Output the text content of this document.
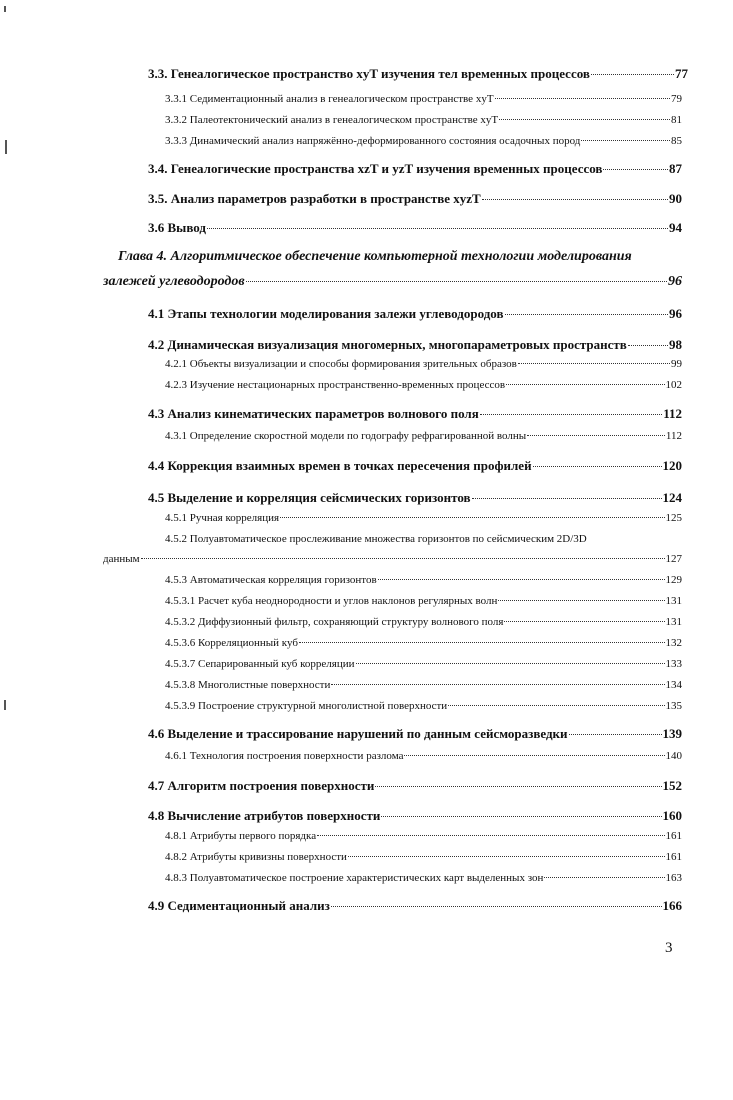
3.3. Генеалогическое пространство xyT изучения тел временных процессов	77
3.3.1 Седиментационный анализ в генеалогическом пространстве xyT	79
3.3.2 Палеотектонический анализ в генеалогическом пространстве xyT	81
3.3.3 Динамический анализ напряжённо-деформированного состояния осадочных пород	85
3.4. Генеалогические пространства xzT и yzT изучения временных процессов	87
3.5. Анализ параметров разработки в пространстве xyzT	90
3.6 Вывод	94
Глава 4. Алгоритмическое обеспечение компьютерной технологии моделирования
залежей углеводородов	96
4.1 Этапы технологии моделирования залежи углеводородов	96
4.2 Динамическая визуализация многомерных, многопараметровых пространств	98
4.2.1 Объекты визуализации и способы формирования зрительных образов	99
4.2.3 Изучение нестационарных пространственно-временных процессов	102
4.3 Анализ кинематических параметров волнового поля	112
4.3.1 Определение скоростной модели по годографу рефрагированной волны	112
4.4 Коррекция взаимных времен в точках пересечения профилей	120
4.5 Выделение и корреляция сейсмических горизонтов	124
4.5.1 Ручная корреляция	125
4.5.2 Полуавтоматическое прослеживание множества горизонтов по сейсмическим 2D/3D
данным	127
4.5.3 Автоматическая корреляция горизонтов	129
4.5.3.1 Расчет куба неоднородности и углов наклонов регулярных волн	131
4.5.3.2 Диффузионный фильтр, сохраняющий структуру волнового поля	131
4.5.3.6 Корреляционный куб	132
4.5.3.7 Сепарированный куб корреляции	133
4.5.3.8 Многолистные поверхности	134
4.5.3.9 Построение структурной многолистной поверхности	135
4.6 Выделение и трассирование нарушений по данным сейсморазведки	139
4.6.1 Технология построения поверхности разлома	140
4.7 Алгоритм построения поверхности	152
4.8 Вычисление атрибутов поверхности	160
4.8.1 Атрибуты первого порядка	161
4.8.2 Атрибуты кривизны поверхности	161
4.8.3 Полуавтоматическое построение характеристических карт выделенных зон	163
4.9 Седиментационный анализ	166
3
